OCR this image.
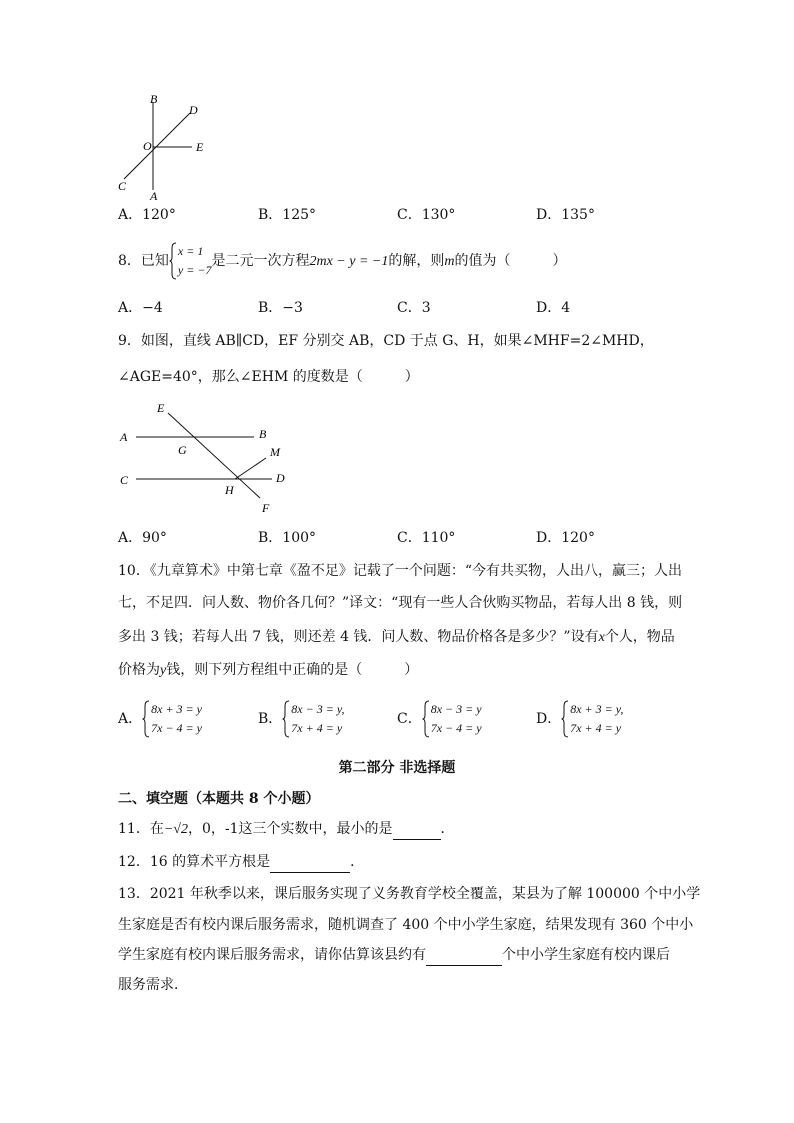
B
D
O	E
C
A
A．120°	B．125°	C．130°	D．135°
8．已知
x = 1
y = −7
是二元一次方程2mx − y = −1的解，则m的值为（　　　）
A．−4	B．−3	C．3	D．4
9．如图，直线 AB∥CD，EF 分别交 AB，CD 于点 G、H，如果∠MHF=2∠MHD，
∠AGE=40°，那么∠EHM 的度数是（　　　）
E
A	B
G	M
C	D
H
F
A．90°	B．100°	C．110°	D．120°
10．《九章算术》中第七章《盈不足》记载了一个问题：“今有共买物，人出八，赢三；人出
七，不足四．问人数、物价各几何？”译文：“现有一些人合伙购买物品，若每人出 8 钱，则
多出 3 钱；若每人出 7 钱，则还差 4 钱．问人数、物品价格各是多少？”设有x个人，物品
价格为y钱，则下列方程组中正确的是（　　　）
A．
8x + 3 = y
7x − 4 = y
B．
8x − 3 = y,
7x + 4 = y
C．
8x − 3 = y
7x − 4 = y
D．
8x + 3 = y,
7x + 4 = y
第二部分 非选择题
二、填空题（本题共 8 个小题）
11．在−√2，0，-1这三个实数中，最小的是	．
12．16 的算术平方根是	．
13．2021 年秋季以来，课后服务实现了义务教育学校全覆盖，某县为了解 100000 个中小学
生家庭是否有校内课后服务需求，随机调查了 400 个中小学生家庭，结果发现有 360 个中小
学生家庭有校内课后服务需求，请你估算该县约有	个中小学生家庭有校内课后
服务需求．
